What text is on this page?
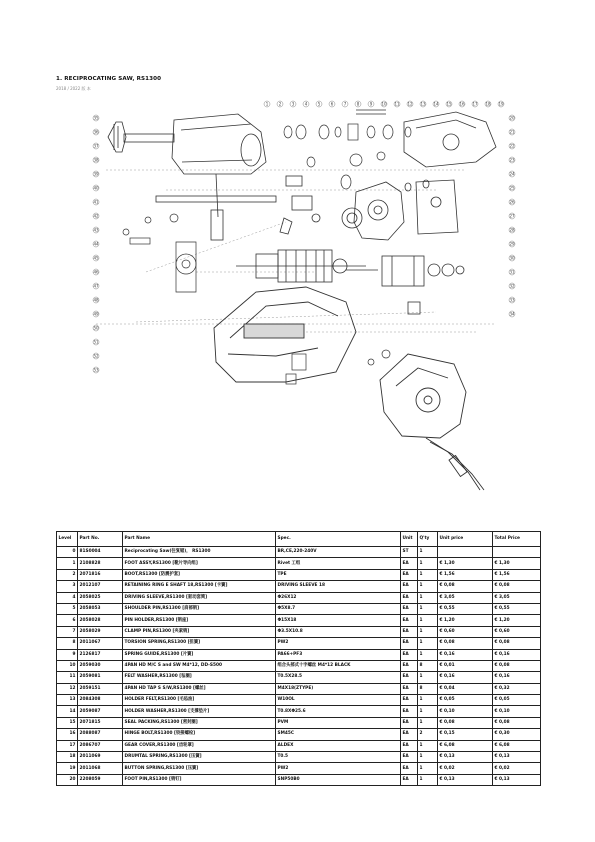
1. RECIPROCATING SAW, RS1300
2018 / 2022 版 本
1	2	3	4	5	6	7	8	9 10 11 12 13 14 15 16 17 18 19
20
21
22
23
24
25
26
27
28
29
30
31
32
33
34
35
36
37
38
39
40
41
42
43
44
45
46
47
48
49
50
51
52
53
Level	Part No.	Part Name	Spec.	Unit	Q'ty	Unit price	Total Price
0	81S0004	Reciprocating Saw(往复锯)， RS1300	BR,CE,220-240V	ST	1		
1	2108828	FOOT ASSY,RS1300 [靴片导向组]	Rivet 工组	EA	1	€ 1,30	€ 1,30
2	2071816	BOOT,RS1300 [防震护套]	TPE	EA	1	€ 1,56	€ 1,56
3	2012107	RETAINING RING E SHAFT 18,RS1300 [卡簧]	DRIVING SLEEVE 18	EA	1	€ 0,08	€ 0,08
4	2058025	DRIVING SLEEVE,RS1300 [驱动套筒]	Φ26X12	EA	1	€ 3,05	€ 3,05
5	2058053	SHOULDER PIN,RS1300 [肩部销]	Φ5X8.7	EA	1	€ 0,55	€ 0,55
6	2058028	PIN HOLDER,RS1300 [销座]	Φ15X18	EA	1	€ 1,20	€ 1,20
7	2058029	CLAMP PIN,RS1300 [夹紧销]	Φ3.5X10.8	EA	1	€ 0,60	€ 0,60
8	2011067	TORSION SPRING,RS1300 [扭簧]	PW2	EA	1	€ 0,08	€ 0,08
9	2126817	SPRING GUIDE,RS1300 [片簧]	PA66+PF3	EA	1	€ 0,16	€ 0,16
10	2059030	4PAN HD M/C S and SW M4*12, DD-S500	组合头部式十字螺丝 M4*12 BLACK	EA	8	€ 0,01	€ 0,08
11	2059081	FELT WASHER,RS1300 [毡圈]	T0.5X28.5	EA	1	€ 0,16	€ 0,16
12	2059151	4PAN HD TAP S S/W,RS1300 [螺丝]	M4X18(ZTYPE)	EA	8	€ 0,04	€ 0,32
13	2084308	HOLDER FELT,RS1300 [毛毡油]	W10OL	EA	1	€ 0,05	€ 0,05
14	2059087	HOLDER WASHER,RS1300 [支撑垫片]	T0.8XΦ25.6	EA	1	€ 0,10	€ 0,10
15	2071815	SEAL PACKING,RS1300 [密封圈]	PVM	EA	1	€ 0,08	€ 0,08
16	2088087	HINGE BOLT,RS1300 [铰接螺栓]	SM45C	EA	2	€ 0,15	€ 0,30
17	2086707	GEAR COVER,RS1300 [齿轮罩]	ALDEX	EA	1	€ 6,08	€ 6,08
18	2011069	DRUMTAL SPRING,RS1300 [压簧]	T0.5	EA	1	€ 0,13	€ 0,13
19	2011068	BUTTON SPRING,RS1300 [压簧]	PW2	EA	1	€ 0,02	€ 0,02
20	2208059	FOOT PIN,RS1300 [销钉]	SNP50B0	EA	1	€ 0,13	€ 0,13
